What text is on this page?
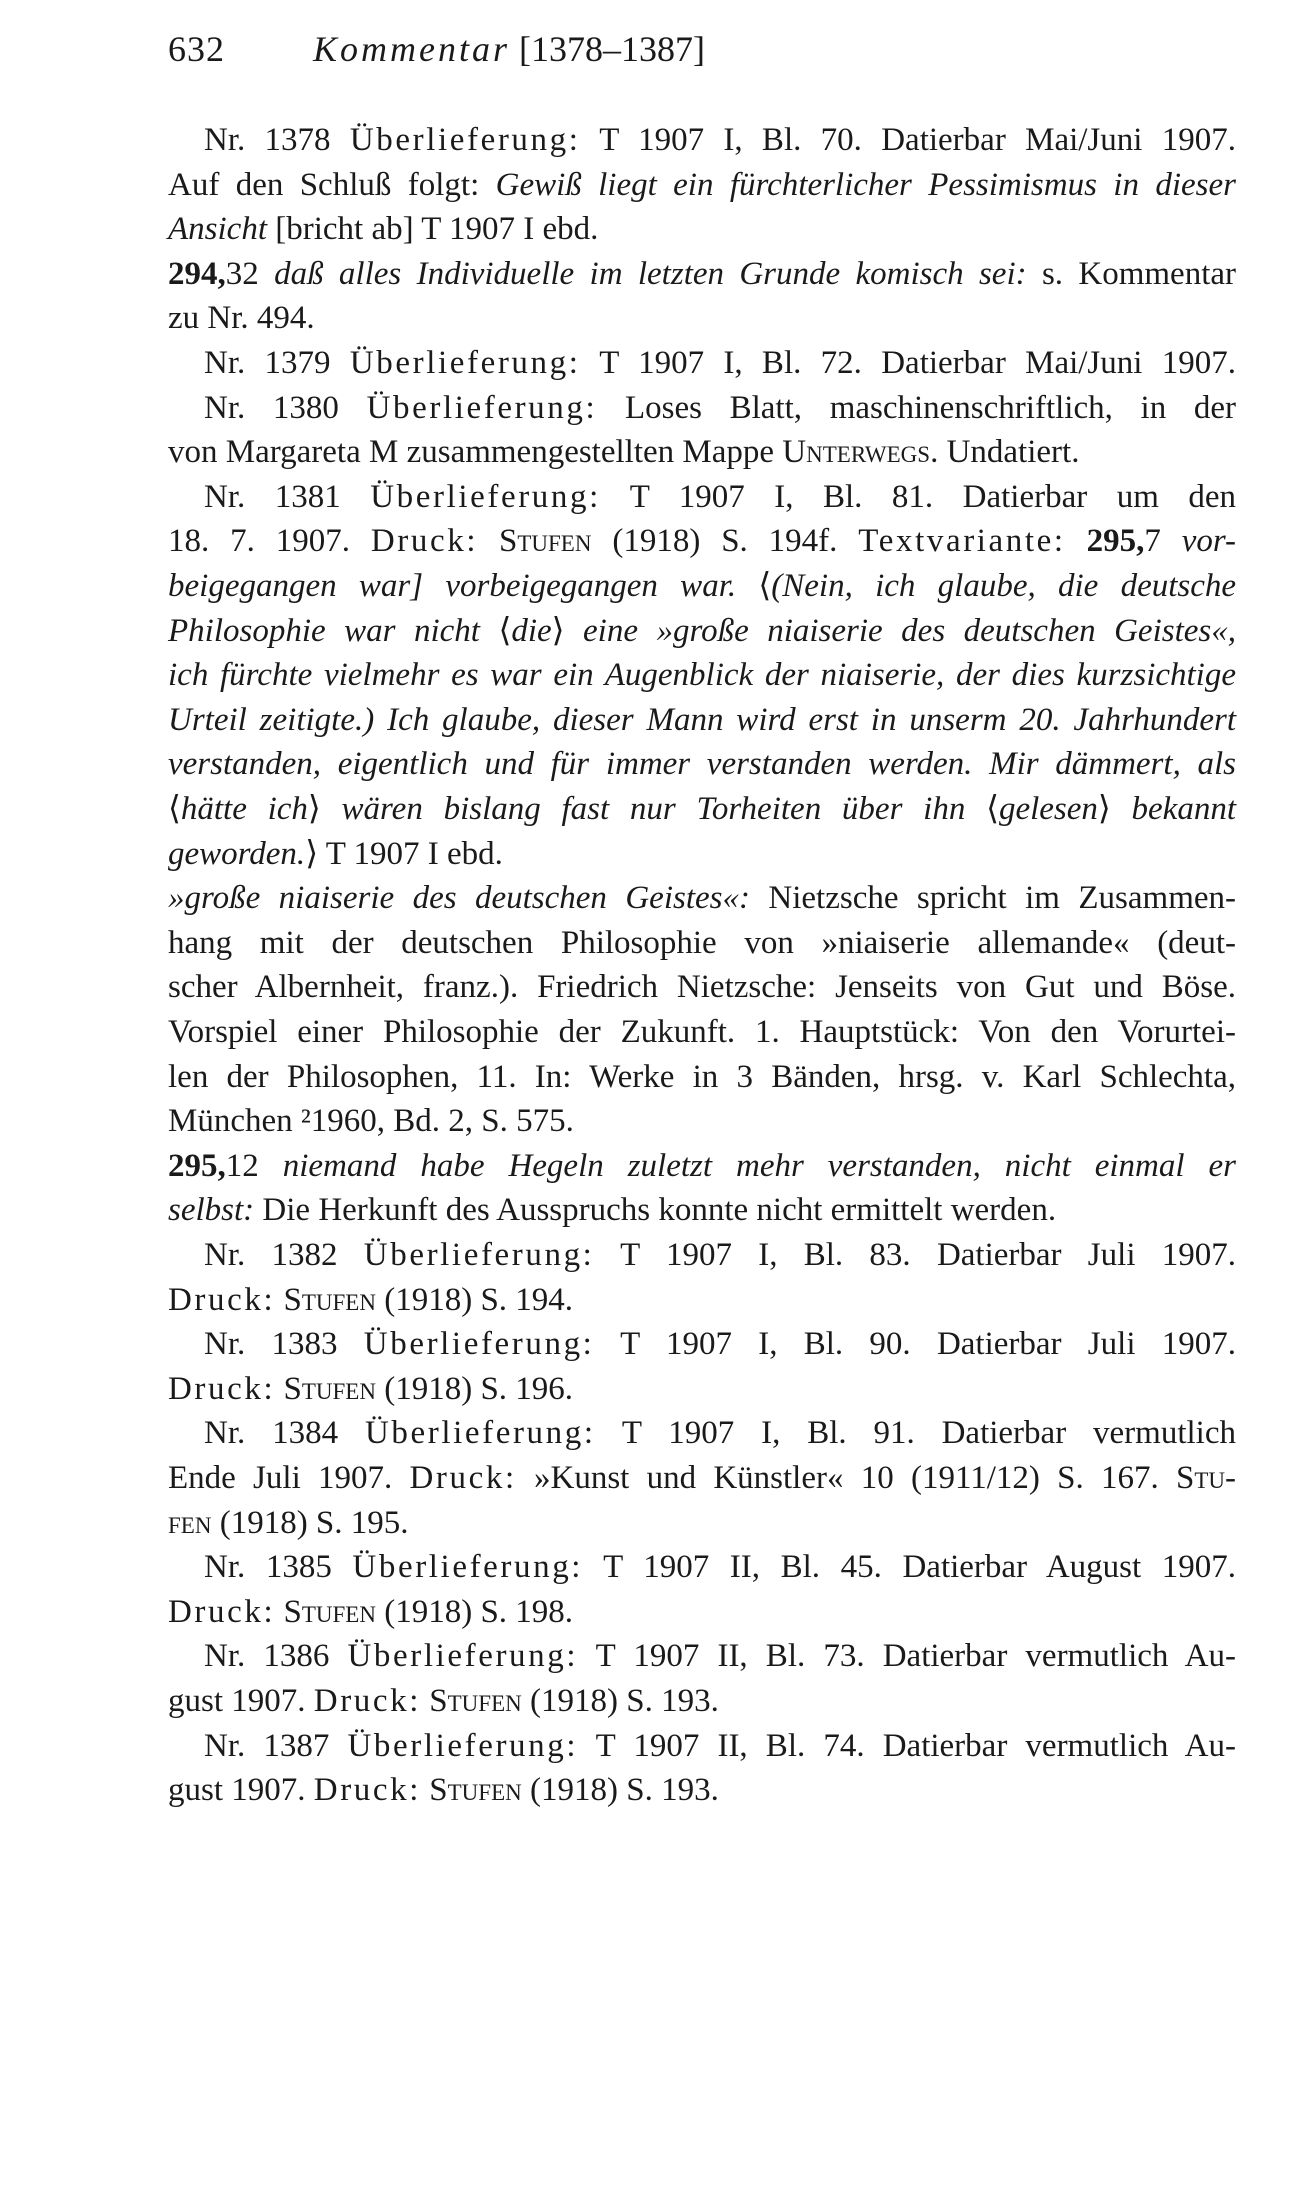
632 Kommentar [1378–1387]
Nr. 1378 Überlieferung: T 1907 I, Bl. 70. Datierbar Mai/Juni 1907.
Auf den Schluß folgt: Gewiß liegt ein fürchterlicher Pessimismus in dieser
Ansicht [bricht ab] T 1907 I ebd.
294,32 daß alles Individuelle im letzten Grunde komisch sei: s. Kommentar
zu Nr. 494.
Nr. 1379 Überlieferung: T 1907 I, Bl. 72. Datierbar Mai/Juni 1907.
Nr. 1380 Überlieferung: Loses Blatt, maschinenschriftlich, in der
von Margareta M zusammengestellten Mappe Unterwegs. Undatiert.
Nr. 1381 Überlieferung: T 1907 I, Bl. 81. Datierbar um den
18. 7. 1907. Druck: Stufen (1918) S. 194f. Textvariante: 295,7 vor-
beigegangen war] vorbeigegangen war. ⟨(Nein, ich glaube, die deutsche
Philosophie war nicht ⟨die⟩ eine »große niaiserie des deutschen Geistes«,
ich fürchte vielmehr es war ein Augenblick der niaiserie, der dies kurzsichtige
Urteil zeitigte.) Ich glaube, dieser Mann wird erst in unserm 20. Jahrhundert
verstanden, eigentlich und für immer verstanden werden. Mir dämmert, als
⟨hätte ich⟩ wären bislang fast nur Torheiten über ihn ⟨gelesen⟩ bekannt
geworden.⟩ T 1907 I ebd.
»große niaiserie des deutschen Geistes«: Nietzsche spricht im Zusammen-
hang mit der deutschen Philosophie von »niaiserie allemande« (deut-
scher Albernheit, franz.). Friedrich Nietzsche: Jenseits von Gut und Böse.
Vorspiel einer Philosophie der Zukunft. 1. Hauptstück: Von den Vorurtei-
len der Philosophen, 11. In: Werke in 3 Bänden, hrsg. v. Karl Schlechta,
München ²1960, Bd. 2, S. 575.
295,12 niemand habe Hegeln zuletzt mehr verstanden, nicht einmal er
selbst: Die Herkunft des Ausspruchs konnte nicht ermittelt werden.
Nr. 1382 Überlieferung: T 1907 I, Bl. 83. Datierbar Juli 1907.
Druck: Stufen (1918) S. 194.
Nr. 1383 Überlieferung: T 1907 I, Bl. 90. Datierbar Juli 1907.
Druck: Stufen (1918) S. 196.
Nr. 1384 Überlieferung: T 1907 I, Bl. 91. Datierbar vermutlich
Ende Juli 1907. Druck: »Kunst und Künstler« 10 (1911/12) S. 167. Stu-
fen (1918) S. 195.
Nr. 1385 Überlieferung: T 1907 II, Bl. 45. Datierbar August 1907.
Druck: Stufen (1918) S. 198.
Nr. 1386 Überlieferung: T 1907 II, Bl. 73. Datierbar vermutlich Au-
gust 1907. Druck: Stufen (1918) S. 193.
Nr. 1387 Überlieferung: T 1907 II, Bl. 74. Datierbar vermutlich Au-
gust 1907. Druck: Stufen (1918) S. 193.
